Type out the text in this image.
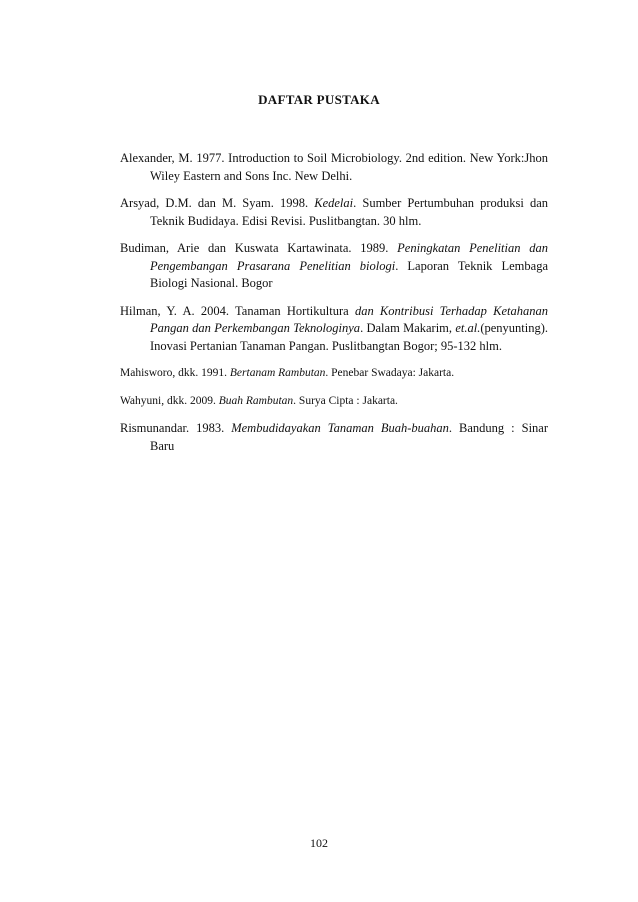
DAFTAR PUSTAKA

Alexander, M. 1977. Introduction to Soil Microbiology. 2nd edition. New York:Jhon Wiley Eastern and Sons Inc. New Delhi.

Arsyad, D.M. dan M. Syam. 1998. Kedelai. Sumber Pertumbuhan produksi dan Teknik Budidaya. Edisi Revisi. Puslitbangtan. 30 hlm.

Budiman, Arie dan Kuswata Kartawinata. 1989. Peningkatan Penelitian dan Pengembangan Prasarana Penelitian biologi. Laporan Teknik Lembaga Biologi Nasional. Bogor

Hilman, Y. A. 2004. Tanaman Hortikultura dan Kontribusi Terhadap Ketahanan Pangan dan Perkembangan Teknologinya. Dalam Makarim, et.al.(penyunting). Inovasi Pertanian Tanaman Pangan. Puslitbangtan Bogor; 95-132 hlm.

Mahisworo, dkk. 1991. Bertanam Rambutan. Penebar Swadaya: Jakarta.

Wahyuni, dkk. 2009. Buah Rambutan. Surya Cipta : Jakarta.

Rismunandar. 1983. Membudidayakan Tanaman Buah-buahan. Bandung : Sinar Baru

102
